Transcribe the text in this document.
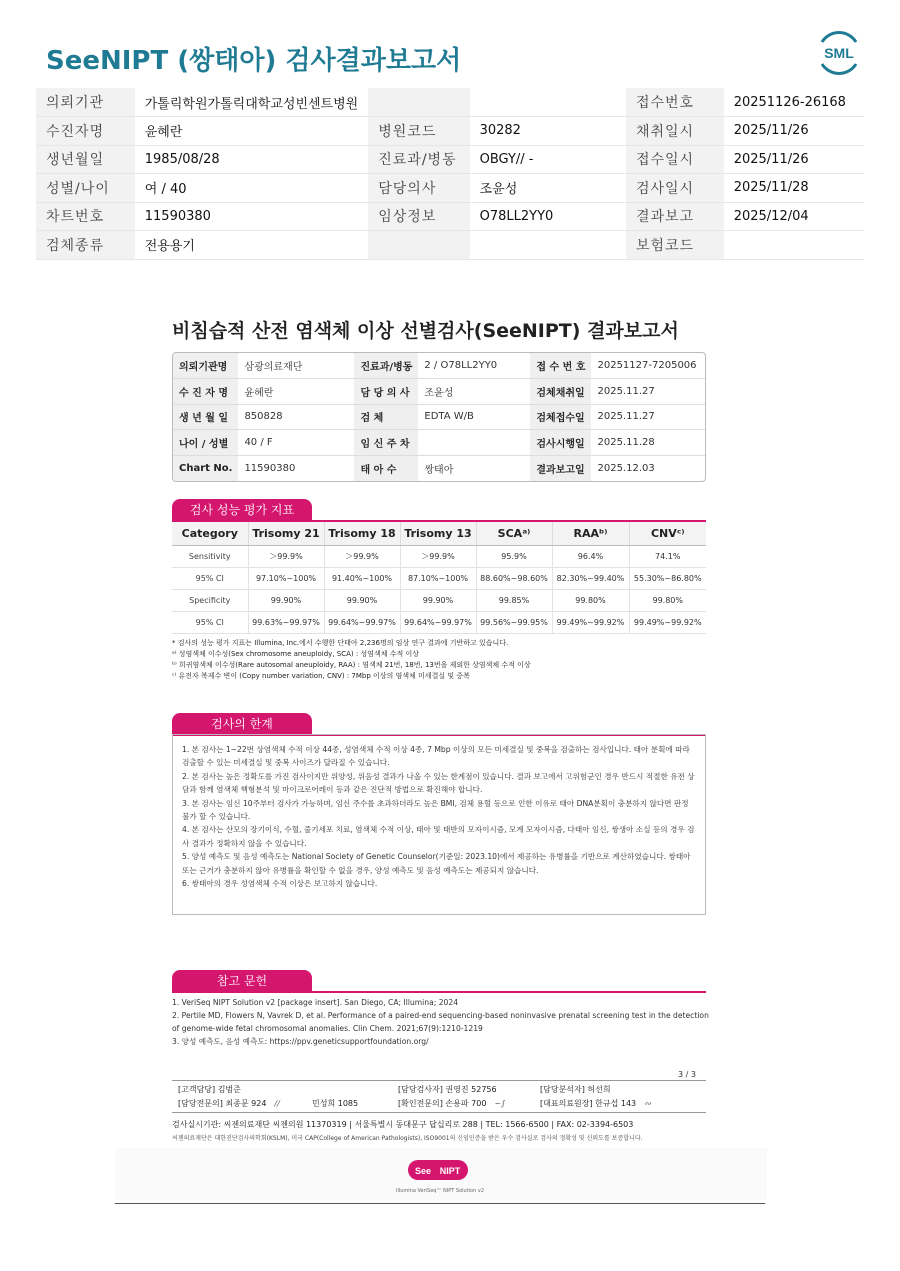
SeeNIPT (쌍태아) 검사결과보고서	SML
의뢰기관	가톨릭학원가톨릭대학교성빈센트병원			접수번호	20251126-26168
수진자명	윤혜란	병원코드	30282	채취일시	2025/11/26
생년월일	1985/08/28	진료과/병동	OBGY// -	접수일시	2025/11/26
성별/나이	여 / 40	담당의사	조윤성	검사일시	2025/11/28
차트번호	11590380	임상정보	O78LL2YY0	결과보고	2025/12/04
검체종류	전용용기			보험코드	
비침습적 산전 염색체 이상 선별검사(SeeNIPT) 결과보고서
의뢰기관명	삼광의료재단	진료과/병동	2 / O78LL2YY0	접 수 번 호	20251127-7205006
수 진 자 명	윤혜란	담 당 의 사	조윤성	검체채취일	2025.11.27
생 년 월 일	850828	검 체	EDTA W/B	검체접수일	2025.11.27
나이 / 성별	40 / F	임 신 주 차		검사시행일	2025.11.28
Chart No.	11590380	태 아 수	쌍태아	결과보고일	2025.12.03
검사 성능 평가 지표
Category	Trisomy 21	Trisomy 18	Trisomy 13	SCAᵃ⁾	RAAᵇ⁾	CNVᶜ⁾
Sensitivity	＞99.9%	＞99.9%	＞99.9%	95.9%	96.4%	74.1%
95% CI	97.10%~100%	91.40%~100%	87.10%~100%	88.60%~98.60%	82.30%~99.40%	55.30%~86.80%
Specificity	99.90%	99.90%	99.90%	99.85%	99.80%	99.80%
95% CI	99.63%~99.97%	99.64%~99.97%	99.64%~99.97%	99.56%~99.95%	99.49%~99.92%	99.49%~99.92%
* 검사의 성능 평가 지표는 Illumina, Inc.에서 수행한 단태아 2,236명의 임상 연구 결과에 기반하고 있습니다.
ᵃ⁾ 성염색체 이수성(Sex chromosome aneuploidy, SCA) : 성염색체 수적 이상
ᵇ⁾ 희귀염색체 이수성(Rare autosomal aneuploidy, RAA) : 염색체 21번, 18번, 13번을 제외한 상염색체 수적 이상
ᶜ⁾ 유전자 복제수 변이 (Copy number variation, CNV) : 7Mbp 이상의 염색체 미세결실 및 중복
검사의 한계
1. 본 검사는 1~22번 상염색체 수적 이상 44종, 성염색체 수적 이상 4종, 7 Mbp 이상의 모든 미세결실 및 중복을 검출하는 검사입니다. 태아 분획에 따라 검출할 수 있는 미세결실 및 중복 사이즈가 달라질 수 있습니다.
2. 본 검사는 높은 정확도를 가진 검사이지만 위양성, 위음성 결과가 나올 수 있는 한계점이 있습니다. 결과 보고에서 고위험군인 경우 반드시 적절한 유전 상담과 함께 염색체 핵형분석 및 마이크로어레이 등과 같은 진단적 방법으로 확진해야 합니다.
3. 본 검사는 임신 10주부터 검사가 가능하며, 임신 주수를 초과하더라도 높은 BMI, 검체 용혈 등으로 인한 이유로 태아 DNA분획이 충분하지 않다면 판정 불가 할 수 있습니다.
4. 본 검사는 산모의 장기이식, 수혈, 줄기세포 치료, 염색체 수적 이상, 태아 및 태반의 모자이시즘, 모계 모자이시즘, 다태아 임신, 쌍생아 소실 등의 경우 검사 결과가 정확하지 않을 수 있습니다.
5. 양성 예측도 및 음성 예측도는 National Society of Genetic Counselor(기준일: 2023.10)에서 제공하는 유병률을 기반으로 계산하였습니다. 쌍태아 또는 근거가 충분하지 않아 유병률을 확인할 수 없을 경우, 양성 예측도 및 음성 예측도는 제공되지 않습니다.
6. 쌍태아의 경우 성염색체 수적 이상은 보고하지 않습니다.
참고 문헌
1. VeriSeq NIPT Solution v2 [package insert]. San Diego, CA; Illumina; 2024
2. Pertile MD, Flowers N, Vavrek D, et al. Performance of a paired-end sequencing-based noninvasive prenatal screening test in the detection of genome-wide fetal chromosomal anomalies. Clin Chem. 2021;67(9):1210-1219
3. 양성 예측도, 음성 예측도: https://ppv.geneticsupportfoundation.org/
3 / 3
[고객담당] 김범준	[담당검사자] 권영진 52756	[담당분석자] 허선희
[담당전문의] 최종문 924 ∕∕	민성희 1085	[확인전문의] 손용파 700 ∽∫	[대표의료원장] 한규섭 143 ∾
검사실시기관: 씨젠의료재단 씨젠의원 11370319 | 서울특별시 동대문구 답십리로 288 | TEL: 1566-6500 | FAX: 02-3394-6503
씨젠의료재단은 대한진단검사의학회(KSLM), 미국 CAP(College of American Pathologists), ISO9001의 신임인증을 받은 우수 검사실로 검사의 정확성 및 신뢰도를 보증합니다.
See NIPT
Illumina VeriSeq™ NIPT Solution v2
